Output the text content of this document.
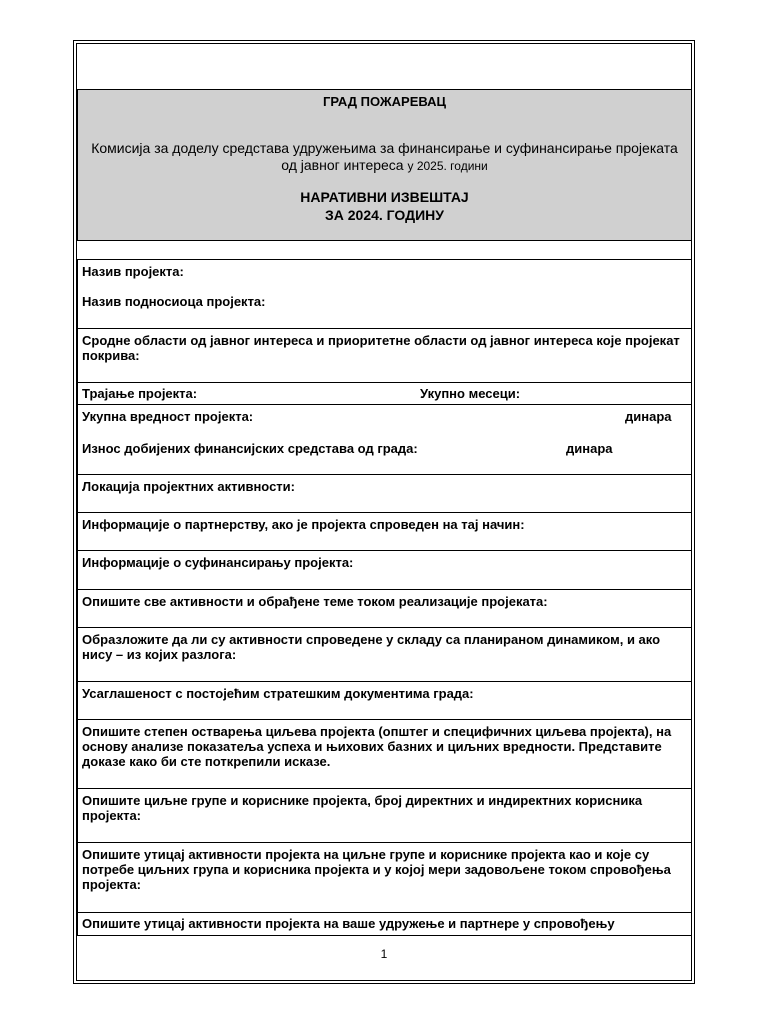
ГРАД ПОЖАРЕВАЦ
Комисија за доделу средстава удружењима за финансирање и суфинансирање пројеката од јавног интереса у 2025. години
НАРАТИВНИ ИЗВЕШТАЈ
ЗА 2024. ГОДИНУ
Назив пројекта:
Назив подносиоца пројекта:
Сродне области од јавног интереса и приоритетне области од јавног интереса које пројекат покрива:
Трајање пројекта:	Укупно месеци:
Укупна вредност пројекта:	динара
Износ добијених финансијских средстава од града:	динара
Локација пројектних активности:
Информације о партнерству, ако је пројекта спроведен на тај начин:
Информације о суфинансирању пројекта:
Опишите све активности и обрађене теме током реализације пројеката:
Образложите да ли су активности спроведене у складу са планираном динамиком, и ако нису – из којих разлога:
Усаглашеност с постојећим стратешким документима града:
Опишите степен остварења циљева пројекта (општег и специфичних циљева пројекта), на основу анализе показатеља успеха и њихових базних и циљних вредности. Представите доказе како би сте поткрепили исказе.
Опишите циљне групе и кориснике пројекта, број директних и индиректних корисника пројекта:
Опишите утицај активности пројекта на циљне групе и кориснике пројекта као и које су потребе циљних група и корисника пројекта и у којој мери задовољене током спровођења пројекта:
Опишите утицај активности пројекта на ваше удружење и партнере у спровођењу
1
